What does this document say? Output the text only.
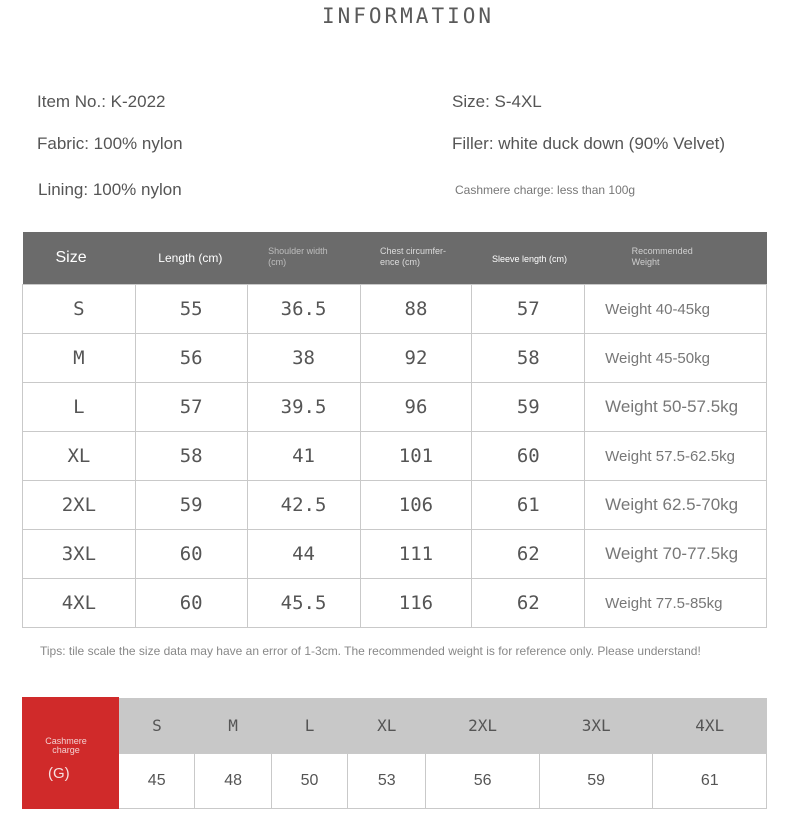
INFORMATION
Item No.: K-2022	Size: S-4XL
Fabric: 100% nylon	Filler: white duck down (90% Velvet)
Lining: 100% nylon	Cashmere charge: less than 100g
Size	Length (cm)	Shoulder width (cm)	Chest circumfer- ence (cm)	Sleeve length (cm)	Recommended Weight
S	55	36.5	88	57	Weight 40-45kg
M	56	38	92	58	Weight 45-50kg
L	57	39.5	96	59	Weight 50-57.5kg
XL	58	41	101	60	Weight 57.5-62.5kg
2XL	59	42.5	106	61	Weight 62.5-70kg
3XL	60	44	111	62	Weight 70-77.5kg
4XL	60	45.5	116	62	Weight 77.5-85kg
Tips: tile scale the size data may have an error of 1-3cm. The recommended weight is for reference only. Please understand!
Cashmere charge
(G)	S	M	L	XL	2XL	3XL	4XL
	45	48	50	53	56	59	61
